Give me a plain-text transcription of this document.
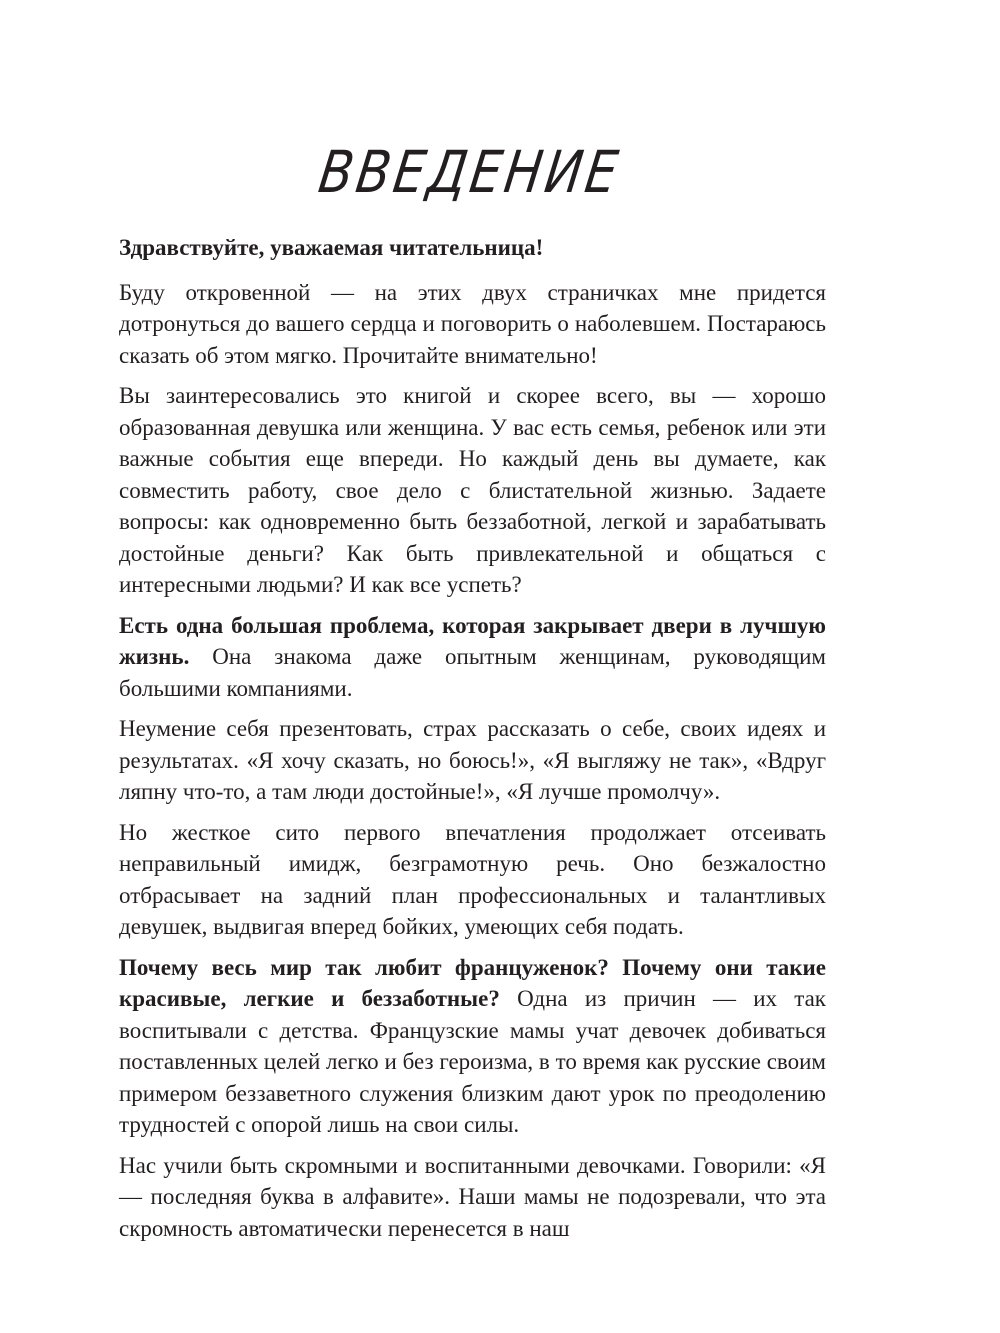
ВВЕДЕНИЕ

Здравствуйте, уважаемая читательница!

Буду откровенной — на этих двух страничках мне придется дотронуться до вашего сердца и поговорить о наболевшем. Постараюсь сказать об этом мягко. Прочитайте внимательно!

Вы заинтересовались это книгой и скорее всего, вы — хорошо образованная девушка или женщина. У вас есть семья, ребенок или эти важные события еще впереди. Но каждый день вы думаете, как совместить работу, свое дело с блистательной жизнью. Задаете вопросы: как одновременно быть беззаботной, легкой и зарабатывать достойные деньги? Как быть привлекательной и общаться с интересными людьми? И как все успеть?

Есть одна большая проблема, которая закрывает двери в лучшую жизнь. Она знакома даже опытным женщинам, руководящим большими компаниями.

Неумение себя презентовать, страх рассказать о себе, своих идеях и результатах. «Я хочу сказать, но боюсь!», «Я выгляжу не так», «Вдруг ляпну что-то, а там люди достойные!», «Я лучше промолчу».

Но жесткое сито первого впечатления продолжает отсеивать неправильный имидж, безграмотную речь. Оно безжалостно отбрасывает на задний план профессиональных и талантливых девушек, выдвигая вперед бойких, умеющих себя подать.

Почему весь мир так любит француженок? Почему они такие красивые, легкие и беззаботные? Одна из причин — их так воспитывали с детства. Французские мамы учат девочек добиваться поставленных целей легко и без героизма, в то время как русские своим примером беззаветного служения близким дают урок по преодолению трудностей с опорой лишь на свои силы.

Нас учили быть скромными и воспитанными девочками. Говорили: «Я — последняя буква в алфавите». Наши мамы не подозревали, что эта скромность автоматически перенесется в наш
